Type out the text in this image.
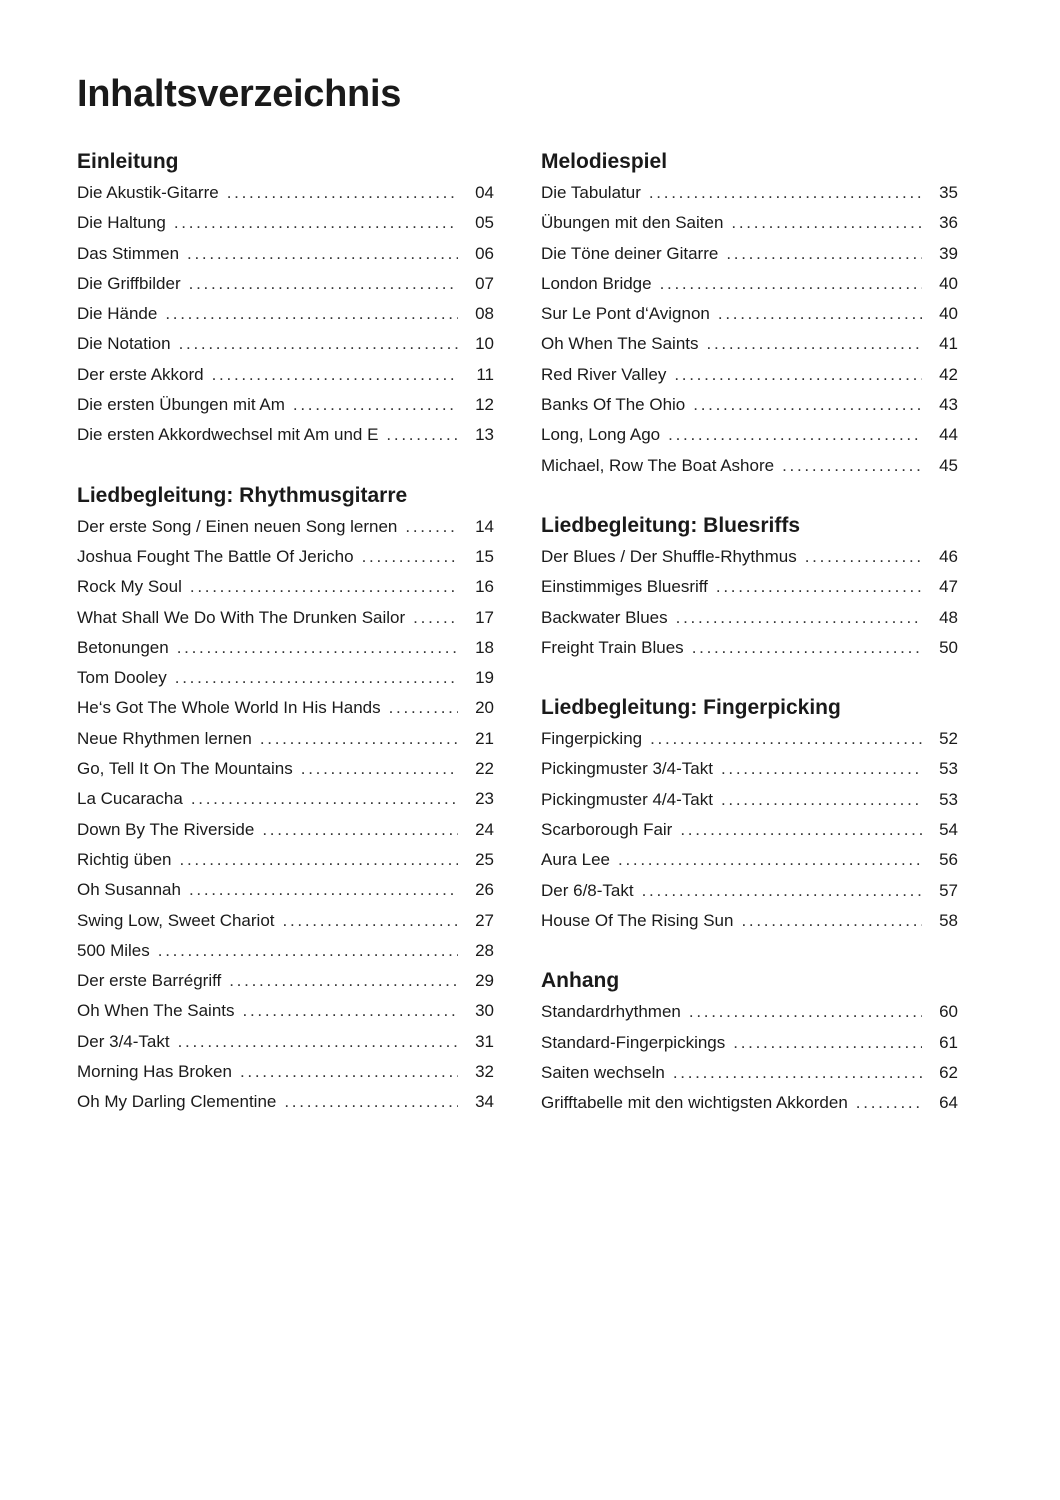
Inhaltsverzeichnis
Einleitung
Die Akustik-Gitarre . . .	04
Die Haltung . . .	05
Das Stimmen . . .	06
Die Griffbilder . . .	07
Die Hände . . .	08
Die Notation . . .	10
Der erste Akkord . . .	11
Die ersten Übungen mit Am . . .	12
Die ersten Akkordwechsel mit Am und E . . .	13
Liedbegleitung: Rhythmusgitarre
Der erste Song / Einen neuen Song lernen . . .	14
Joshua Fought The Battle Of Jericho . . .	15
Rock My Soul . . .	16
What Shall We Do With The Drunken Sailor . . .	17
Betonungen . . .	18
Tom Dooley . . .	19
He‘s Got The Whole World In His Hands . . .	20
Neue Rhythmen lernen . . .	21
Go, Tell It On The Mountains . . .	22
La Cucaracha . . .	23
Down By The Riverside . . .	24
Richtig üben . . .	25
Oh Susannah . . .	26
Swing Low, Sweet Chariot . . .	27
500 Miles . . .	28
Der erste Barrégriff . . .	29
Oh When The Saints . . .	30
Der 3/4-Takt . . .	31
Morning Has Broken . . .	32
Oh My Darling Clementine . . .	34
Melodiespiel
Die Tabulatur . . .	35
Übungen mit den Saiten . . .	36
Die Töne deiner Gitarre . . .	39
London Bridge . . .	40
Sur Le Pont d‘Avignon . . .	40
Oh When The Saints . . .	41
Red River Valley . . .	42
Banks Of The Ohio . . .	43
Long, Long Ago . . .	44
Michael, Row The Boat Ashore . . .	45
Liedbegleitung: Bluesriffs
Der Blues / Der Shuffle-Rhythmus . . .	46
Einstimmiges Bluesriff . . .	47
Backwater Blues . . .	48
Freight Train Blues . . .	50
Liedbegleitung: Fingerpicking
Fingerpicking . . .	52
Pickingmuster 3/4-Takt . . .	53
Pickingmuster 4/4-Takt . . .	53
Scarborough Fair . . .	54
Aura Lee . . .	56
Der 6/8-Takt . . .	57
House Of The Rising Sun . . .	58
Anhang
Standardrhythmen . . .	60
Standard-Fingerpickings . . .	61
Saiten wechseln . . .	62
Grifftabelle mit den wichtigsten Akkorden . . .	64
